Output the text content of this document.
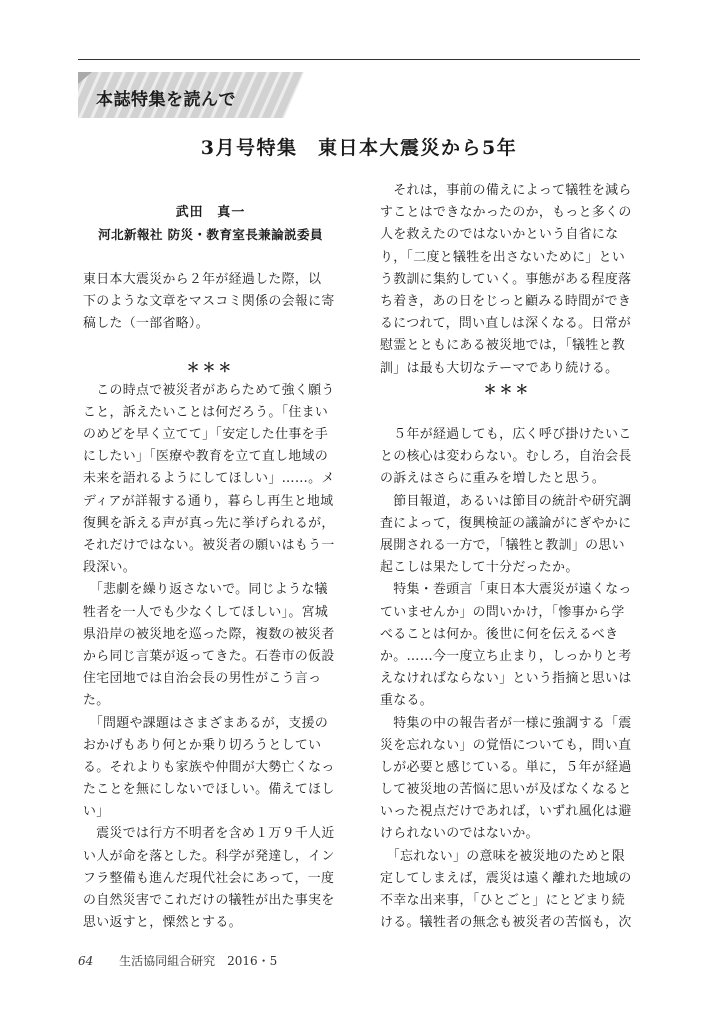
本誌特集を読んで
3月号特集　東日本大震災から5年
武田　真一
河北新報社 防災・教育室長兼論説委員
東日本大震災から２年が経過した際，以
下のような文章をマスコミ関係の会報に寄
稿した（一部省略）。
＊＊＊
　この時点で被災者があらためて強く願う
こと，訴えたいことは何だろう。「住まい
のめどを早く立てて」「安定した仕事を手
にしたい」「医療や教育を立て直し地域の
未来を語れるようにしてほしい」……。メ
ディアが詳報する通り，暮らし再生と地域
復興を訴える声が真っ先に挙げられるが，
それだけではない。被災者の願いはもう一
段深い。
　「悲劇を繰り返さないで。同じような犠
牲者を一人でも少なくしてほしい」。宮城
県沿岸の被災地を巡った際，複数の被災者
から同じ言葉が返ってきた。石巻市の仮設
住宅団地では自治会長の男性がこう言っ
た。
　「問題や課題はさまざまあるが，支援の
おかげもあり何とか乗り切ろうとしてい
る。それよりも家族や仲間が大勢亡くなっ
たことを無にしないでほしい。備えてほし
い」
　震災では行方不明者を含め１万９千人近
い人が命を落とした。科学が発達し，イン
フラ整備も進んだ現代社会にあって，一度
の自然災害でこれだけの犠牲が出た事実を
思い返すと，慄然とする。
　それは，事前の備えによって犠牲を減ら
すことはできなかったのか，もっと多くの
人を救えたのではないかという自省にな
り，「二度と犠牲を出さないために」とい
う教訓に集約していく。事態がある程度落
ち着き，あの日をじっと顧みる時間ができ
るにつれて，問い直しは深くなる。日常が
慰霊とともにある被災地では，「犠牲と教
訓」は最も大切なテーマであり続ける。
＊＊＊
　５年が経過しても，広く呼び掛けたいこ
との核心は変わらない。むしろ，自治会長
の訴えはさらに重みを増したと思う。
　節目報道，あるいは節目の統計や研究調
査によって，復興検証の議論がにぎやかに
展開される一方で，「犠牲と教訓」の思い
起こしは果たして十分だったか。
　特集・巻頭言「東日本大震災が遠くなっ
ていませんか」の問いかけ，「惨事から学
べることは何か。後世に何を伝えるべき
か。……今一度立ち止まり，しっかりと考
えなければならない」という指摘と思いは
重なる。
　特集の中の報告者が一様に強調する「震
災を忘れない」の覚悟についても，問い直
しが必要と感じている。単に，５年が経過
して被災地の苦悩に思いが及ばなくなると
いった視点だけであれば，いずれ風化は避
けられないのではないか。
　「忘れない」の意味を被災地のためと限
定してしまえば，震災は遠く離れた地域の
不幸な出来事，「ひとごと」にとどまり続
ける。犠牲者の無念も被災者の苦悩も，次
64 生活協同組合研究　2016・5
